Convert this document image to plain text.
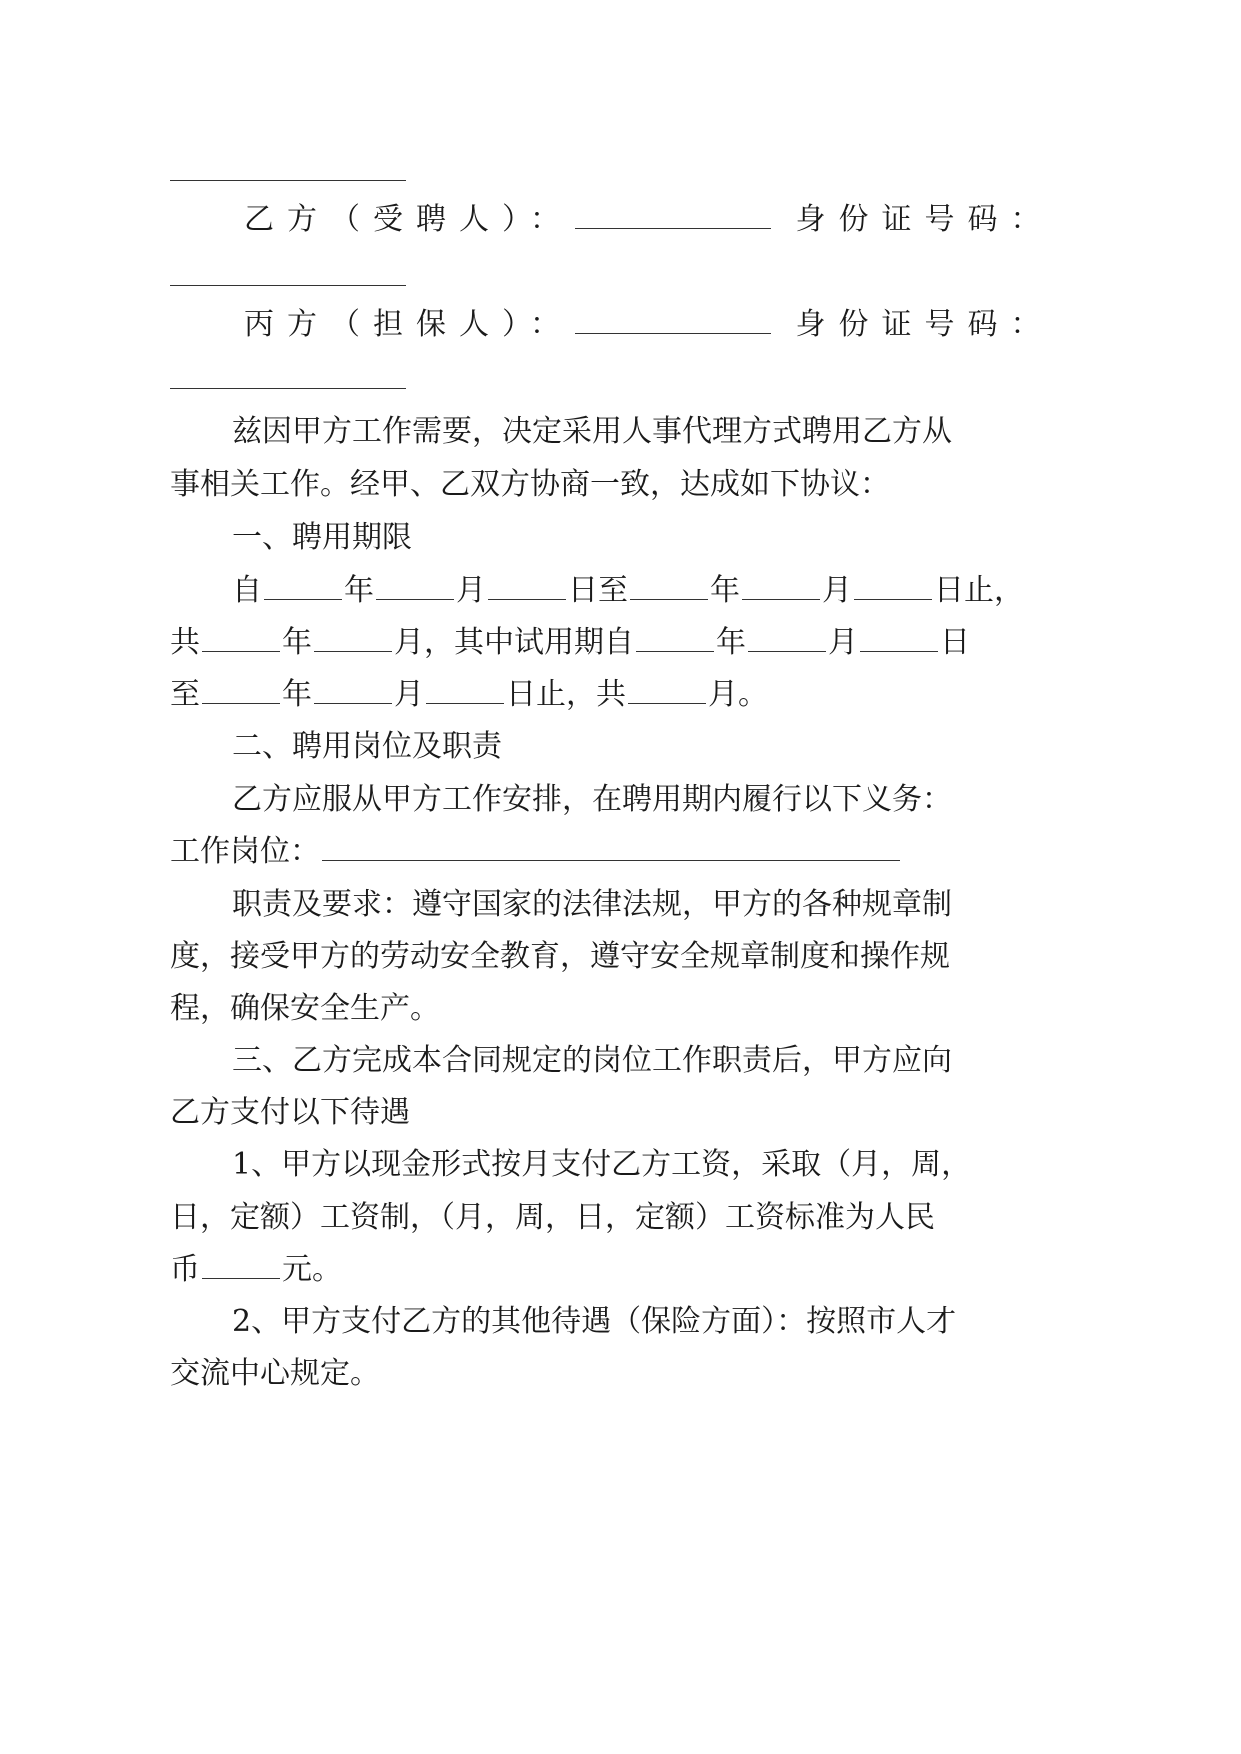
乙方（受聘人）：	身份证号码：
丙方（担保人）：	身份证号码：
兹因甲方工作需要，决定采用人事代理方式聘用乙方从
事相关工作。经甲、乙双方协商一致，达成如下协议：
一、聘用期限
自	年	月	日至	年	月	日止，
共	年	月，其中试用期自	年	月	日
至	年	月	日止，共	月。
二、聘用岗位及职责
乙方应服从甲方工作安排，在聘用期内履行以下义务：
工作岗位：
职责及要求：遵守国家的法律法规，甲方的各种规章制
度，接受甲方的劳动安全教育，遵守安全规章制度和操作规
程，确保安全生产。
三、乙方完成本合同规定的岗位工作职责后，甲方应向
乙方支付以下待遇
1、甲方以现金形式按月支付乙方工资，采取（月，周，
日，定额）工资制，（月，周，日，定额）工资标准为人民
币	元。
2、甲方支付乙方的其他待遇（保险方面）：按照市人才
交流中心规定。
